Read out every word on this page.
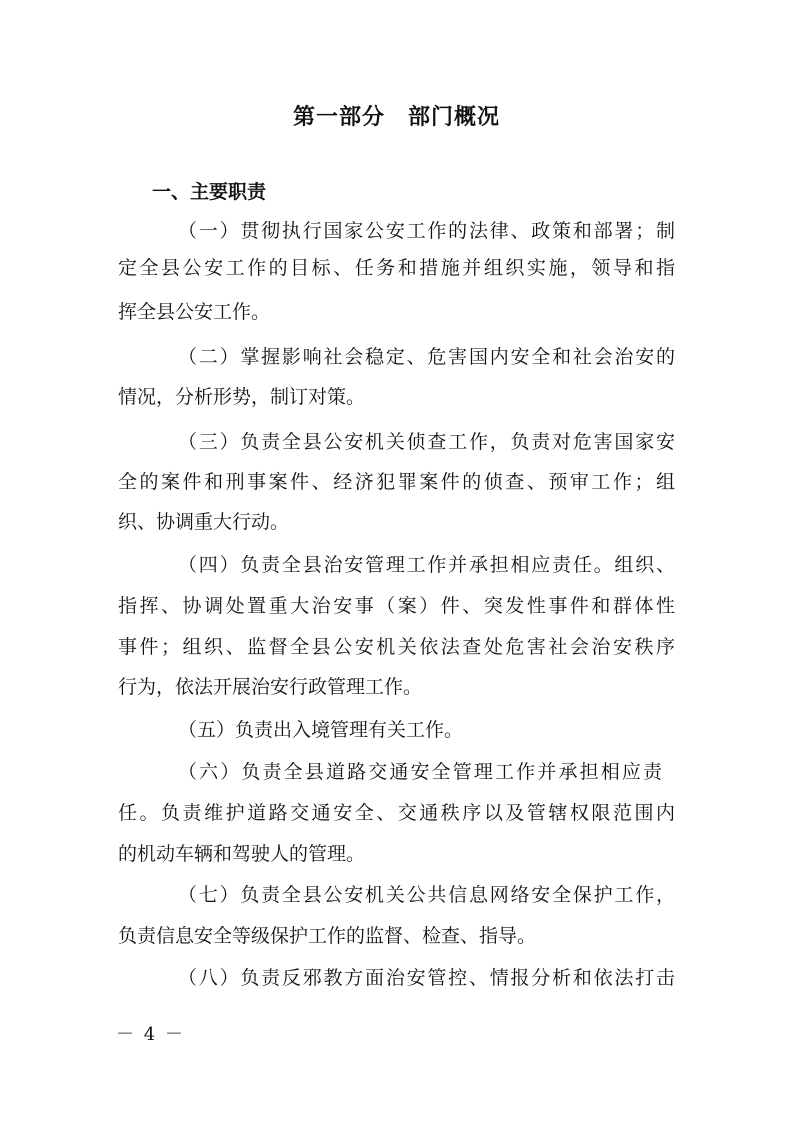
第一部分　部门概况
一、主要职责
（一）贯彻执行国家公安工作的法律、政策和部署；制
定全县公安工作的目标、任务和措施并组织实施，领导和指
挥全县公安工作。
（二）掌握影响社会稳定、危害国内安全和社会治安的
情况，分析形势，制订对策。
（三）负责全县公安机关侦查工作，负责对危害国家安
全的案件和刑事案件、经济犯罪案件的侦查、预审工作；组
织、协调重大行动。
（四）负责全县治安管理工作并承担相应责任。组织、
指挥、协调处置重大治安事（案）件、突发性事件和群体性
事件；组织、监督全县公安机关依法查处危害社会治安秩序
行为，依法开展治安行政管理工作。
（五）负责出入境管理有关工作。
（六）负责全县道路交通安全管理工作并承担相应责
任。负责维护道路交通安全、交通秩序以及管辖权限范围内
的机动车辆和驾驶人的管理。
（七）负责全县公安机关公共信息网络安全保护工作，
负责信息安全等级保护工作的监督、检查、指导。
（八）负责反邪教方面治安管控、情报分析和依法打击
－ 4 －
